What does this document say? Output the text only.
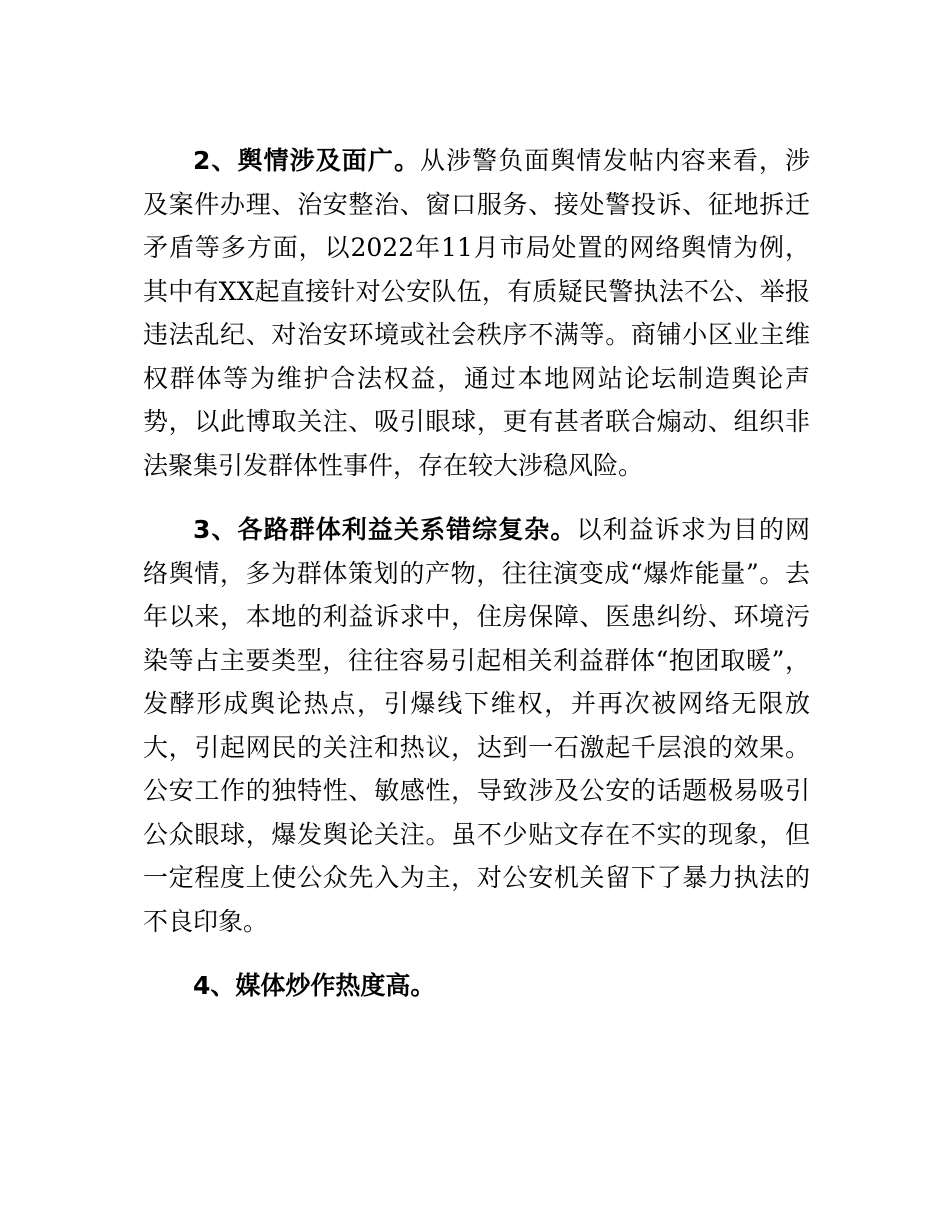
2、舆情涉及面广。从涉警负面舆情发帖内容来看，涉及案件办理、治安整治、窗口服务、接处警投诉、征地拆迁矛盾等多方面，以2022年11月市局处置的网络舆情为例，其中有XX起直接针对公安队伍，有质疑民警执法不公、举报违法乱纪、对治安环境或社会秩序不满等。商铺小区业主维权群体等为维护合法权益，通过本地网站论坛制造舆论声势，以此博取关注、吸引眼球，更有甚者联合煽动、组织非法聚集引发群体性事件，存在较大涉稳风险。

3、各路群体利益关系错综复杂。以利益诉求为目的网络舆情，多为群体策划的产物，往往演变成“爆炸能量”。去年以来，本地的利益诉求中，住房保障、医患纠纷、环境污染等占主要类型，往往容易引起相关利益群体“抱团取暖”，发酵形成舆论热点，引爆线下维权，并再次被网络无限放大，引起网民的关注和热议，达到一石激起千层浪的效果。公安工作的独特性、敏感性，导致涉及公安的话题极易吸引公众眼球，爆发舆论关注。虽不少贴文存在不实的现象，但一定程度上使公众先入为主，对公安机关留下了暴力执法的不良印象。

4、媒体炒作热度高。
